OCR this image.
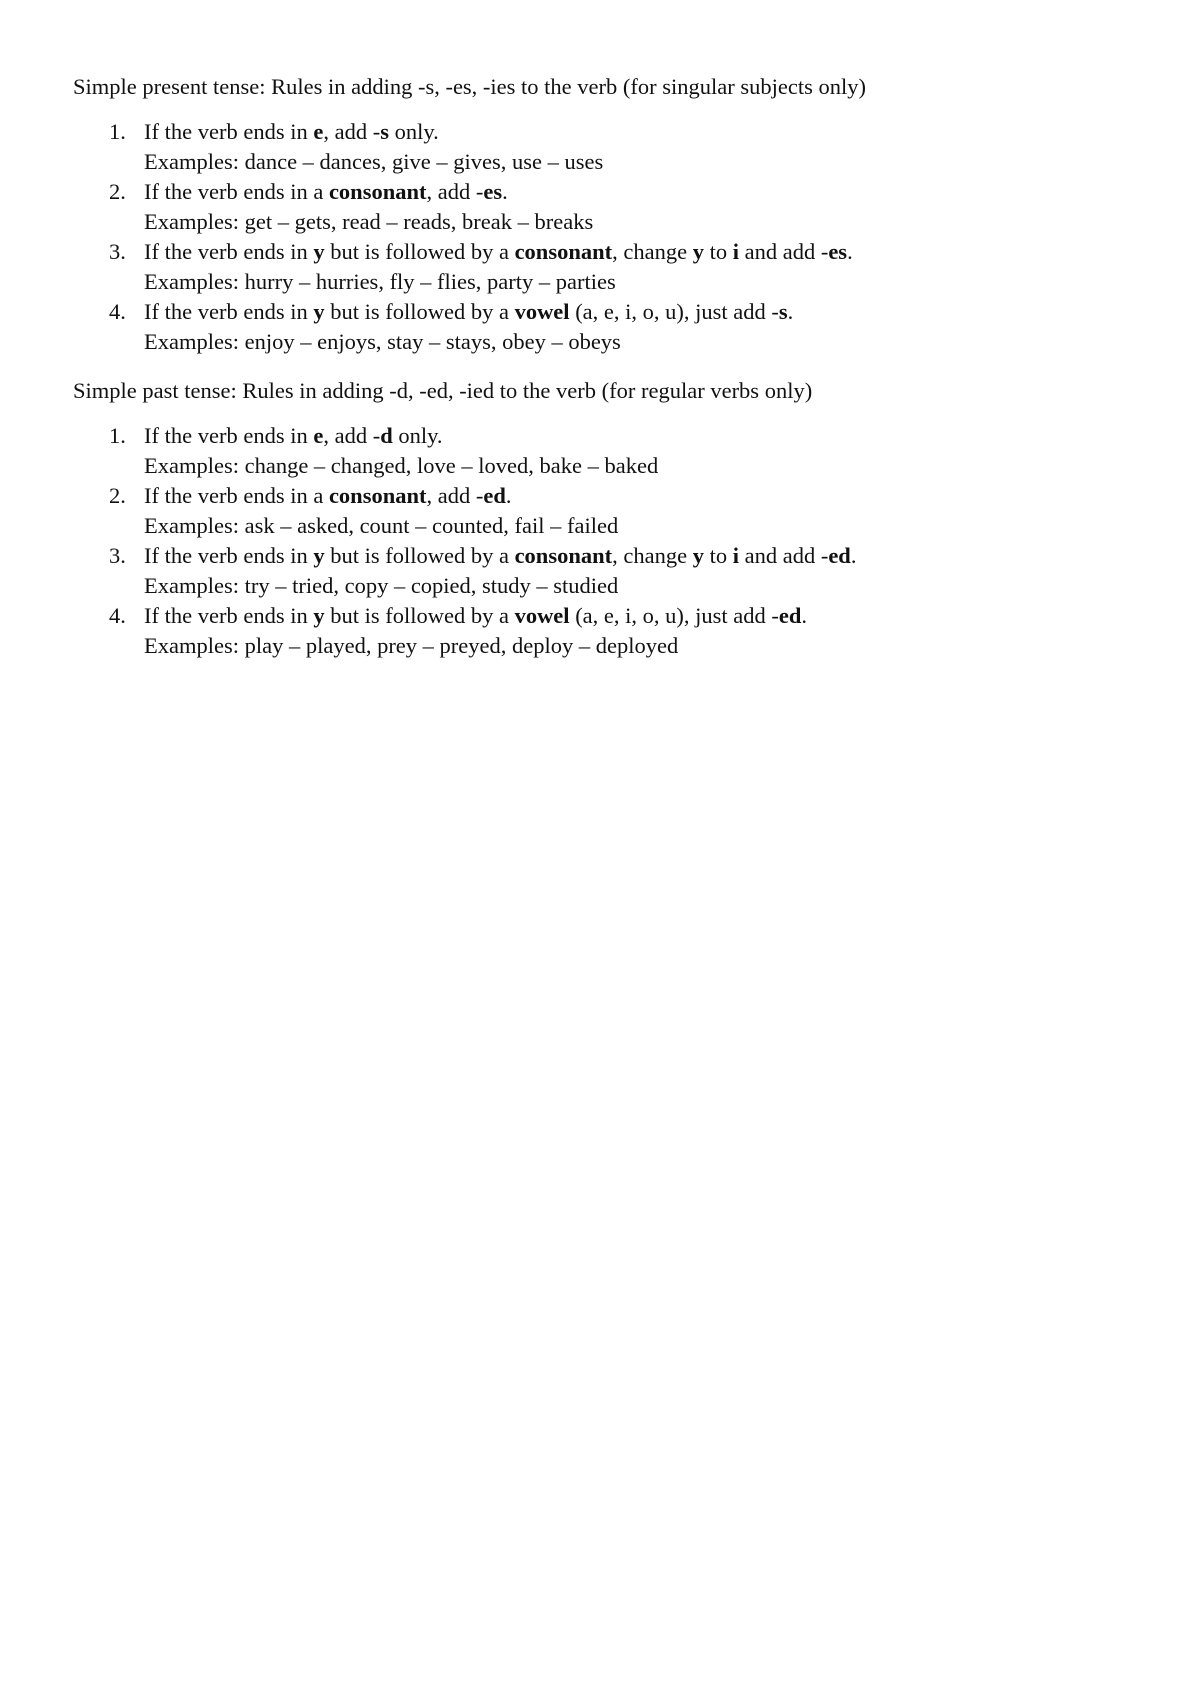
Simple present tense: Rules in adding -s, -es, -ies to the verb (for singular subjects only)

1. If the verb ends in e, add -s only.
Examples: dance – dances, give – gives, use – uses
2. If the verb ends in a consonant, add -es.
Examples: get – gets, read – reads, break – breaks
3. If the verb ends in y but is followed by a consonant, change y to i and add -es.
Examples: hurry – hurries, fly – flies, party – parties
4. If the verb ends in y but is followed by a vowel (a, e, i, o, u), just add -s.
Examples: enjoy – enjoys, stay – stays, obey – obeys

Simple past tense: Rules in adding -d, -ed, -ied to the verb (for regular verbs only)

1. If the verb ends in e, add -d only.
Examples: change – changed, love – loved, bake – baked
2. If the verb ends in a consonant, add -ed.
Examples: ask – asked, count – counted, fail – failed
3. If the verb ends in y but is followed by a consonant, change y to i and add -ed.
Examples: try – tried, copy – copied, study – studied
4. If the verb ends in y but is followed by a vowel (a, e, i, o, u), just add -ed.
Examples: play – played, prey – preyed, deploy – deployed
